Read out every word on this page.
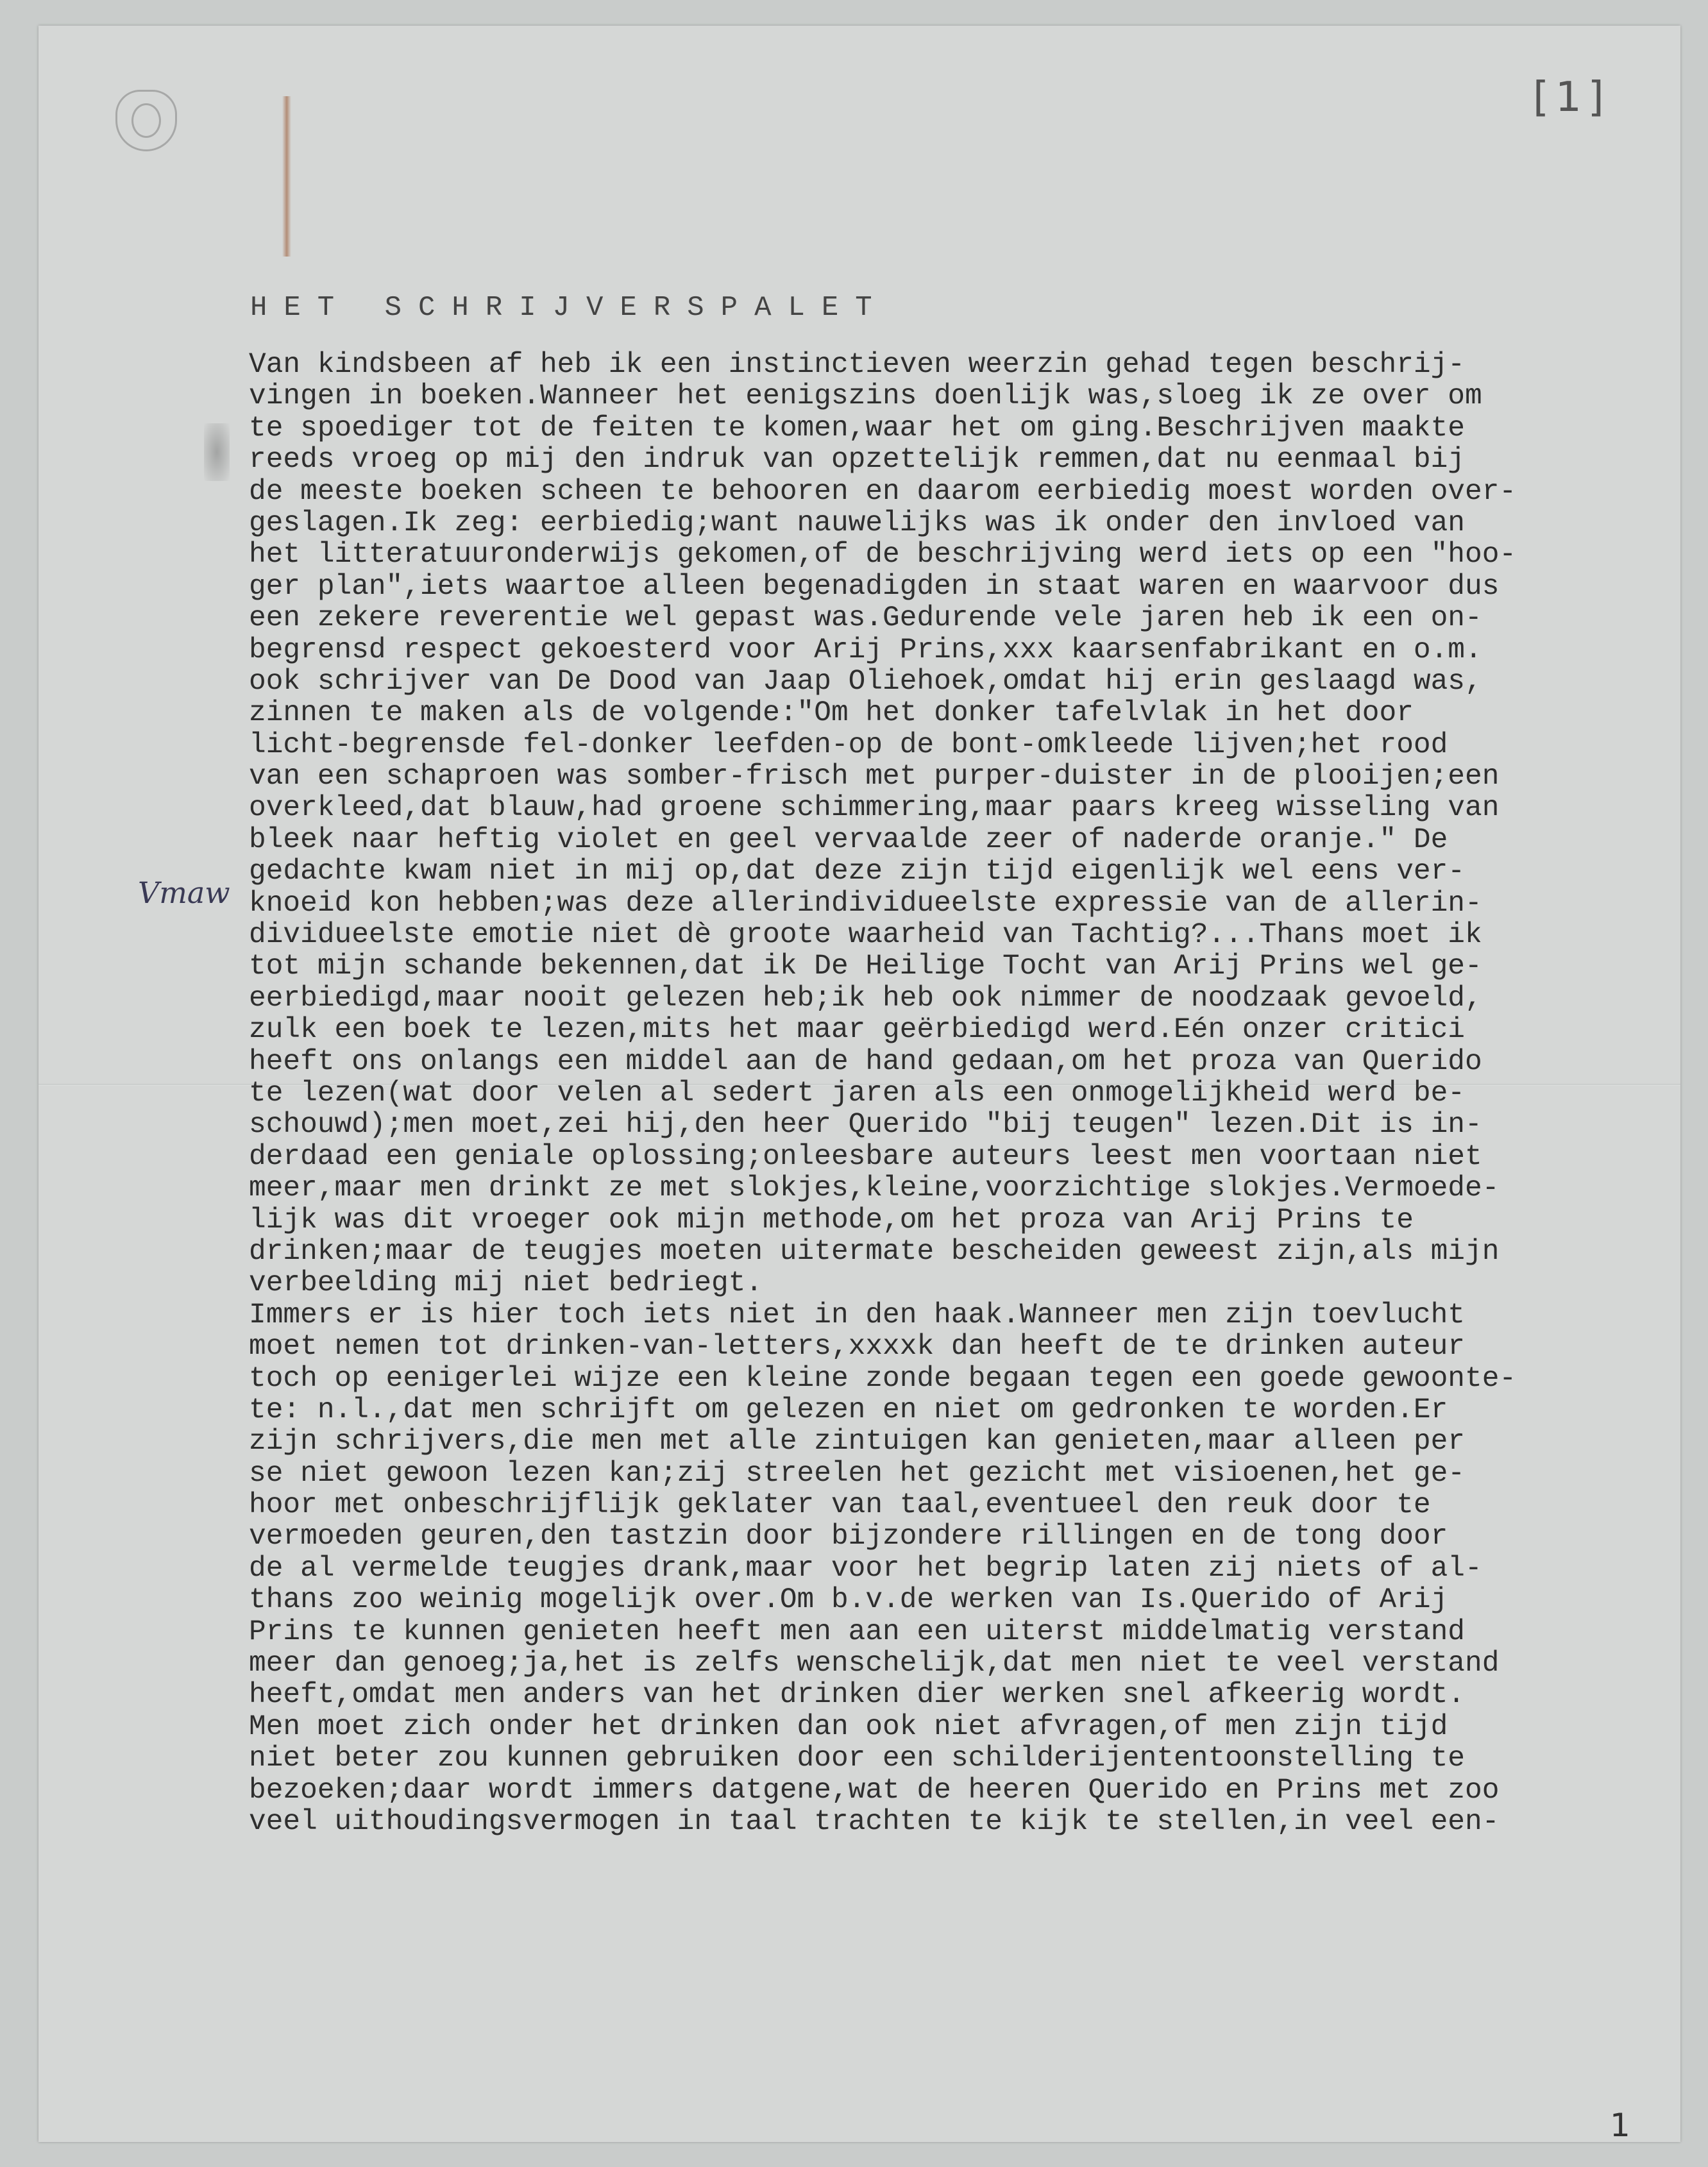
[1]
HET SCHRIJVERSPALET
Vmaw
Van kindsbeen af heb ik een instinctieven weerzin gehad tegen beschrij-
vingen in boeken.Wanneer het eenigszins doenlijk was,sloeg ik ze over om
te spoediger tot de feiten te komen,waar het om ging.Beschrijven maakte
reeds vroeg op mij den indruk van opzettelijk remmen,dat nu eenmaal bij
de meeste boeken scheen te behooren en daarom eerbiedig moest worden over-
geslagen.Ik zeg: eerbiedig;want nauwelijks was ik onder den invloed van
het litteratuuronderwijs gekomen,of de beschrijving werd iets op een "hoo-
ger plan",iets waartoe alleen begenadigden in staat waren en waarvoor dus
een zekere reverentie wel gepast was.Gedurende vele jaren heb ik een on-
begrensd respect gekoesterd voor Arij Prins,xxx kaarsenfabrikant en o.m.
ook schrijver van De Dood van Jaap Oliehoek,omdat hij erin geslaagd was,
zinnen te maken als de volgende:"Om het donker tafelvlak in het door
licht-begrensde fel-donker leefden-op de bont-omkleede lijven;het rood
van een schaproen was somber-frisch met purper-duister in de plooijen;een
overkleed,dat blauw,had groene schimmering,maar paars kreeg wisseling van
bleek naar heftig violet en geel vervaalde zeer of naderde oranje." De
gedachte kwam niet in mij op,dat deze zijn tijd eigenlijk wel eens ver-
knoeid kon hebben;was deze allerindividueelste expressie van de allerin-
dividueelste emotie niet dè groote waarheid van Tachtig?...Thans moet ik
tot mijn schande bekennen,dat ik De Heilige Tocht van Arij Prins wel ge-
eerbiedigd,maar nooit gelezen heb;ik heb ook nimmer de noodzaak gevoeld,
zulk een boek te lezen,mits het maar geërbiedigd werd.Eén onzer critici
heeft ons onlangs een middel aan de hand gedaan,om het proza van Querido
te lezen(wat door velen al sedert jaren als een onmogelijkheid werd be-
schouwd);men moet,zei hij,den heer Querido "bij teugen" lezen.Dit is in-
derdaad een geniale oplossing;onleesbare auteurs leest men voortaan niet
meer,maar men drinkt ze met slokjes,kleine,voorzichtige slokjes.Vermoede-
lijk was dit vroeger ook mijn methode,om het proza van Arij Prins te
drinken;maar de teugjes moeten uitermate bescheiden geweest zijn,als mijn
verbeelding mij niet bedriegt.
Immers er is hier toch iets niet in den haak.Wanneer men zijn toevlucht
moet nemen tot drinken-van-letters,xxxxk dan heeft de te drinken auteur
toch op eenigerlei wijze een kleine zonde begaan tegen een goede gewoonte-
te: n.l.,dat men schrijft om gelezen en niet om gedronken te worden.Er
zijn schrijvers,die men met alle zintuigen kan genieten,maar alleen per
se niet gewoon lezen kan;zij streelen het gezicht met visioenen,het ge-
hoor met onbeschrijflijk geklater van taal,eventueel den reuk door te
vermoeden geuren,den tastzin door bijzondere rillingen en de tong door
de al vermelde teugjes drank,maar voor het begrip laten zij niets of al-
thans zoo weinig mogelijk over.Om b.v.de werken van Is.Querido of Arij
Prins te kunnen genieten heeft men aan een uiterst middelmatig verstand
meer dan genoeg;ja,het is zelfs wenschelijk,dat men niet te veel verstand
heeft,omdat men anders van het drinken dier werken snel afkeerig wordt.
Men moet zich onder het drinken dan ook niet afvragen,of men zijn tijd
niet beter zou kunnen gebruiken door een schilderijententoonstelling te
bezoeken;daar wordt immers datgene,wat de heeren Querido en Prins met zoo
veel uithoudingsvermogen in taal trachten te kijk te stellen,in veel een-
1
